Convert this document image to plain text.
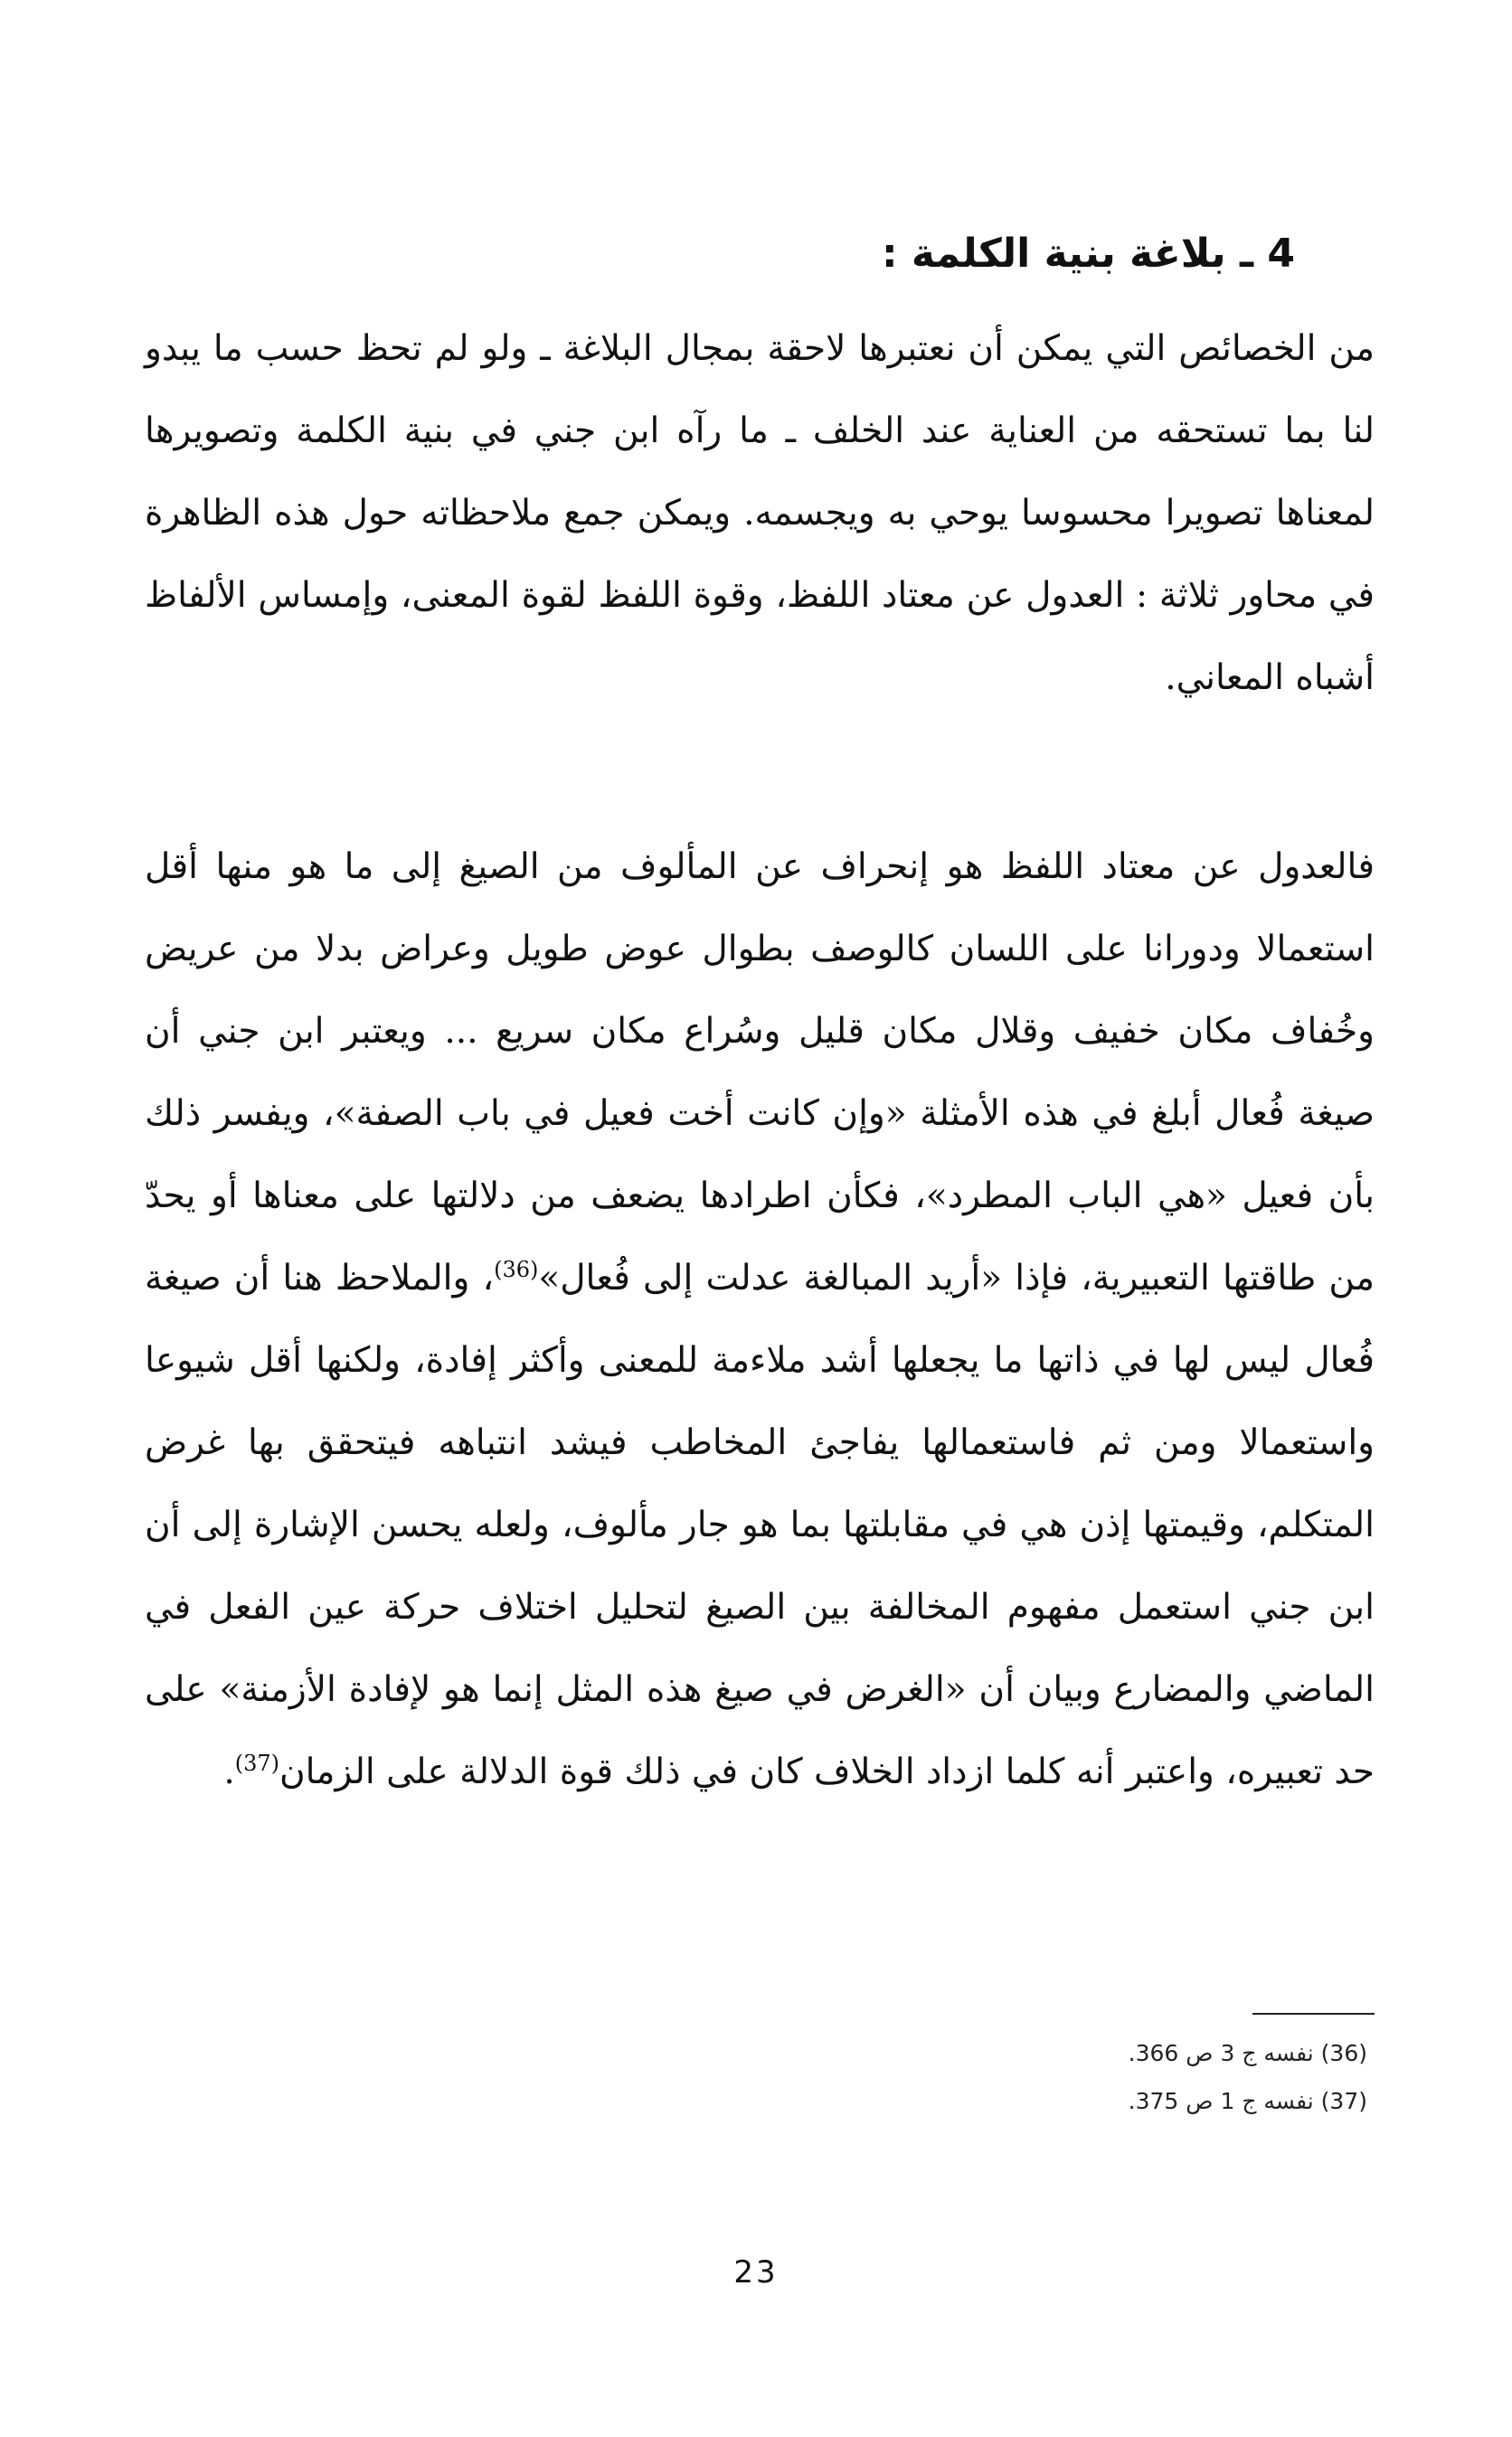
4 ـ بلاغة بنية الكلمة :

من الخصائص التي يمكن أن نعتبرها لاحقة بمجال البلاغة ـ ولو لم تحظ حسب ما يبدو لنا بما تستحقه من العناية عند الخلف ـ ما رآه ابن جني في بنية الكلمة وتصويرها لمعناها تصويرا محسوسا يوحي به ويجسمه. ويمكن جمع ملاحظاته حول هذه الظاهرة في محاور ثلاثة : العدول عن معتاد اللفظ، وقوة اللفظ لقوة المعنى، وإمساس الألفاظ أشباه المعاني.

فالعدول عن معتاد اللفظ هو إنحراف عن المألوف من الصيغ إلى ما هو منها أقل استعمالا ودورانا على اللسان كالوصف بطوال عوض طويل وعراض بدلا من عريض وخُفاف مكان خفيف وقلال مكان قليل وسُراع مكان سريع ... ويعتبر ابن جني أن صيغة فُعال أبلغ في هذه الأمثلة «وإن كانت أخت فعيل في باب الصفة»، ويفسر ذلك بأن فعيل «هي الباب المطرد»، فكأن اطرادها يضعف من دلالتها على معناها أو يحدّ من طاقتها التعبيرية، فإذا «أريد المبالغة عدلت إلى فُعال»$^{(36)}$، والملاحظ هنا أن صيغة فُعال ليس لها في ذاتها ما يجعلها أشد ملاءمة للمعنى وأكثر إفادة، ولكنها أقل شيوعا واستعمالا ومن ثم فاستعمالها يفاجئ المخاطب فيشد انتباهه فيتحقق بها غرض المتكلم، وقيمتها إذن هي في مقابلتها بما هو جار مألوف، ولعله يحسن الإشارة إلى أن ابن جني استعمل مفهوم المخالفة بين الصيغ لتحليل اختلاف حركة عين الفعل في الماضي والمضارع وبيان أن «الغرض في صيغ هذه المثل إنما هو لإفادة الأزمنة» على حد تعبيره، واعتبر أنه كلما ازداد الخلاف كان في ذلك قوة الدلالة على الزمان$^{(37)}$.

(36) نفسه ج 3 ص 366.
(37) نفسه ج 1 ص 375.
23
